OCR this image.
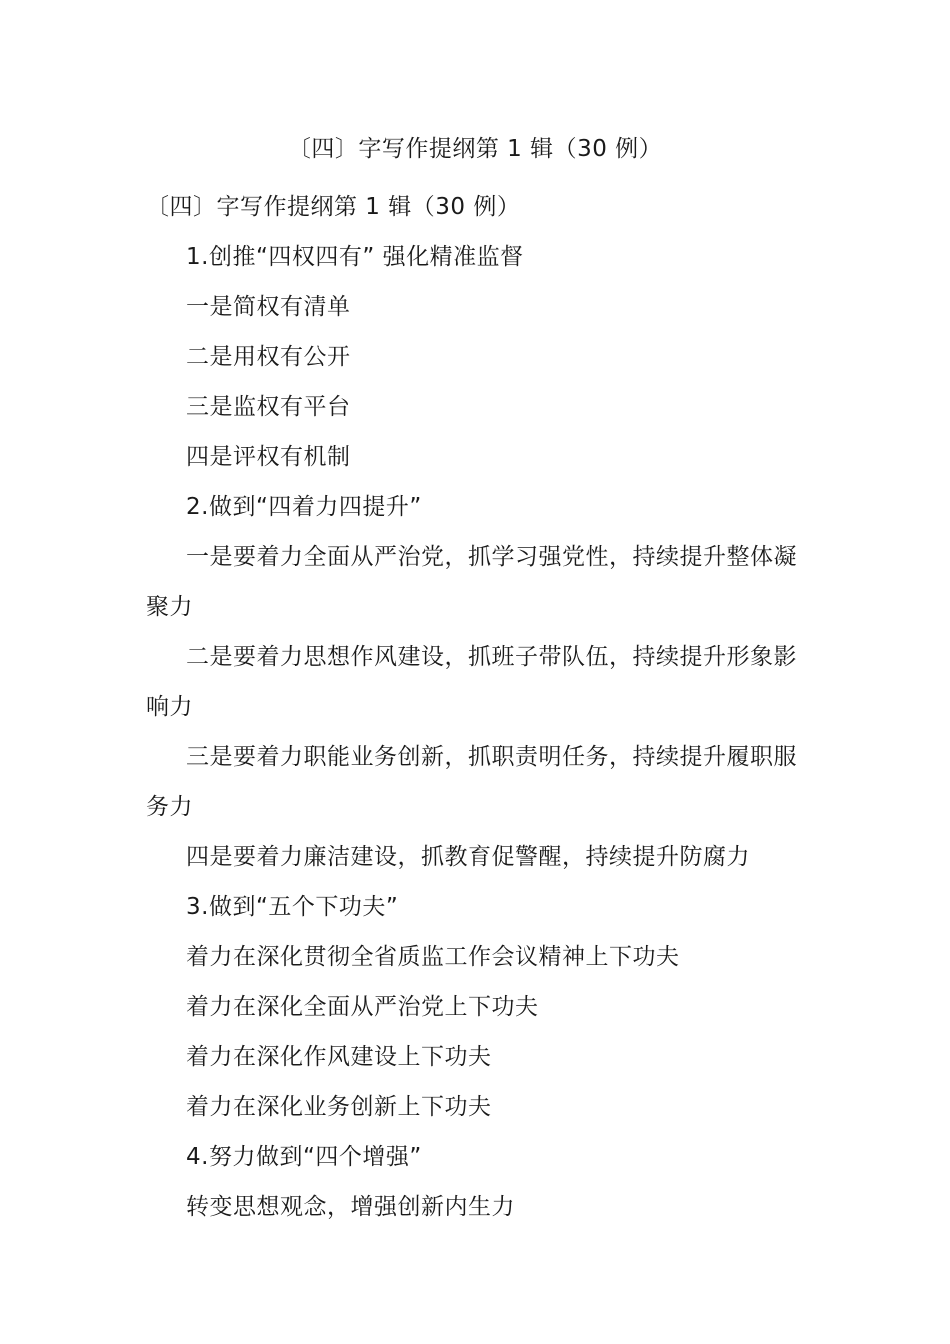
〔四〕字写作提纲第 1 辑（30 例）

〔四〕字写作提纲第 1 辑（30 例）

1.创推“四权四有” 强化精准监督

一是简权有清单

二是用权有公开

三是监权有平台

四是评权有机制

2.做到“四着力四提升”

一是要着力全面从严治党，抓学习强党性，持续提升整体凝聚力

二是要着力思想作风建设，抓班子带队伍，持续提升形象影响力

三是要着力职能业务创新，抓职责明任务，持续提升履职服务力

四是要着力廉洁建设，抓教育促警醒，持续提升防腐力

3.做到“五个下功夫”

着力在深化贯彻全省质监工作会议精神上下功夫

着力在深化全面从严治党上下功夫

着力在深化作风建设上下功夫

着力在深化业务创新上下功夫

4.努力做到“四个增强”

转变思想观念，增强创新内生力
